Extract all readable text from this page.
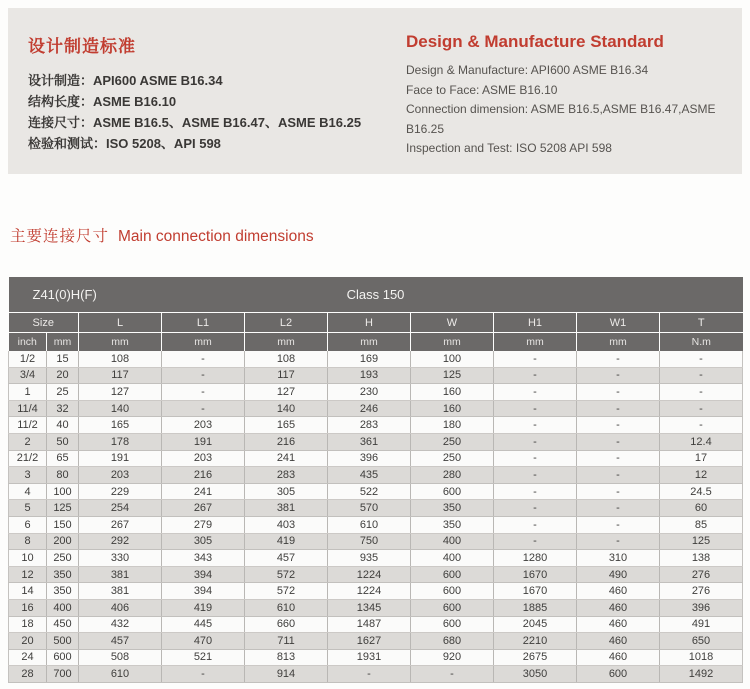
设计制造标准
设计制造：API600 ASME B16.34
结构长度：ASME B16.10
连接尺寸：ASME B16.5、ASME B16.47、ASME B16.25
检验和测试：ISO 5208、API 598
Design & Manufacture Standard
Design & Manufacture: API600 ASME B16.34
Face to Face: ASME B16.10
Connection dimension: ASME B16.5,ASME B16.47,ASME B16.25
Inspection and Test: ISO 5208 API 598
主要连接尺寸 Main connection dimensions
Z41(0)H(F) Class 150									
Size		L	L1	L2	H	W	H1	W1	T
inch	mm	mm	mm	mm	mm	mm	mm	mm	N.m
1/2	15	108	-	108	169	100	-	-	-
3/4	20	117	-	117	193	125	-	-	-
1	25	127	-	127	230	160	-	-	-
11/4	32	140	-	140	246	160	-	-	-
11/2	40	165	203	165	283	180	-	-	-
2	50	178	191	216	361	250	-	-	12.4
21/2	65	191	203	241	396	250	-	-	17
3	80	203	216	283	435	280	-	-	12
4	100	229	241	305	522	600	-	-	24.5
5	125	254	267	381	570	350	-	-	60
6	150	267	279	403	610	350	-	-	85
8	200	292	305	419	750	400	-	-	125
10	250	330	343	457	935	400	1280	310	138
12	350	381	394	572	1224	600	1670	490	276
14	350	381	394	572	1224	600	1670	460	276
16	400	406	419	610	1345	600	1885	460	396
18	450	432	445	660	1487	600	2045	460	491
20	500	457	470	711	1627	680	2210	460	650
24	600	508	521	813	1931	920	2675	460	1018
28	700	610	-	914	-	-	3050	600	1492
